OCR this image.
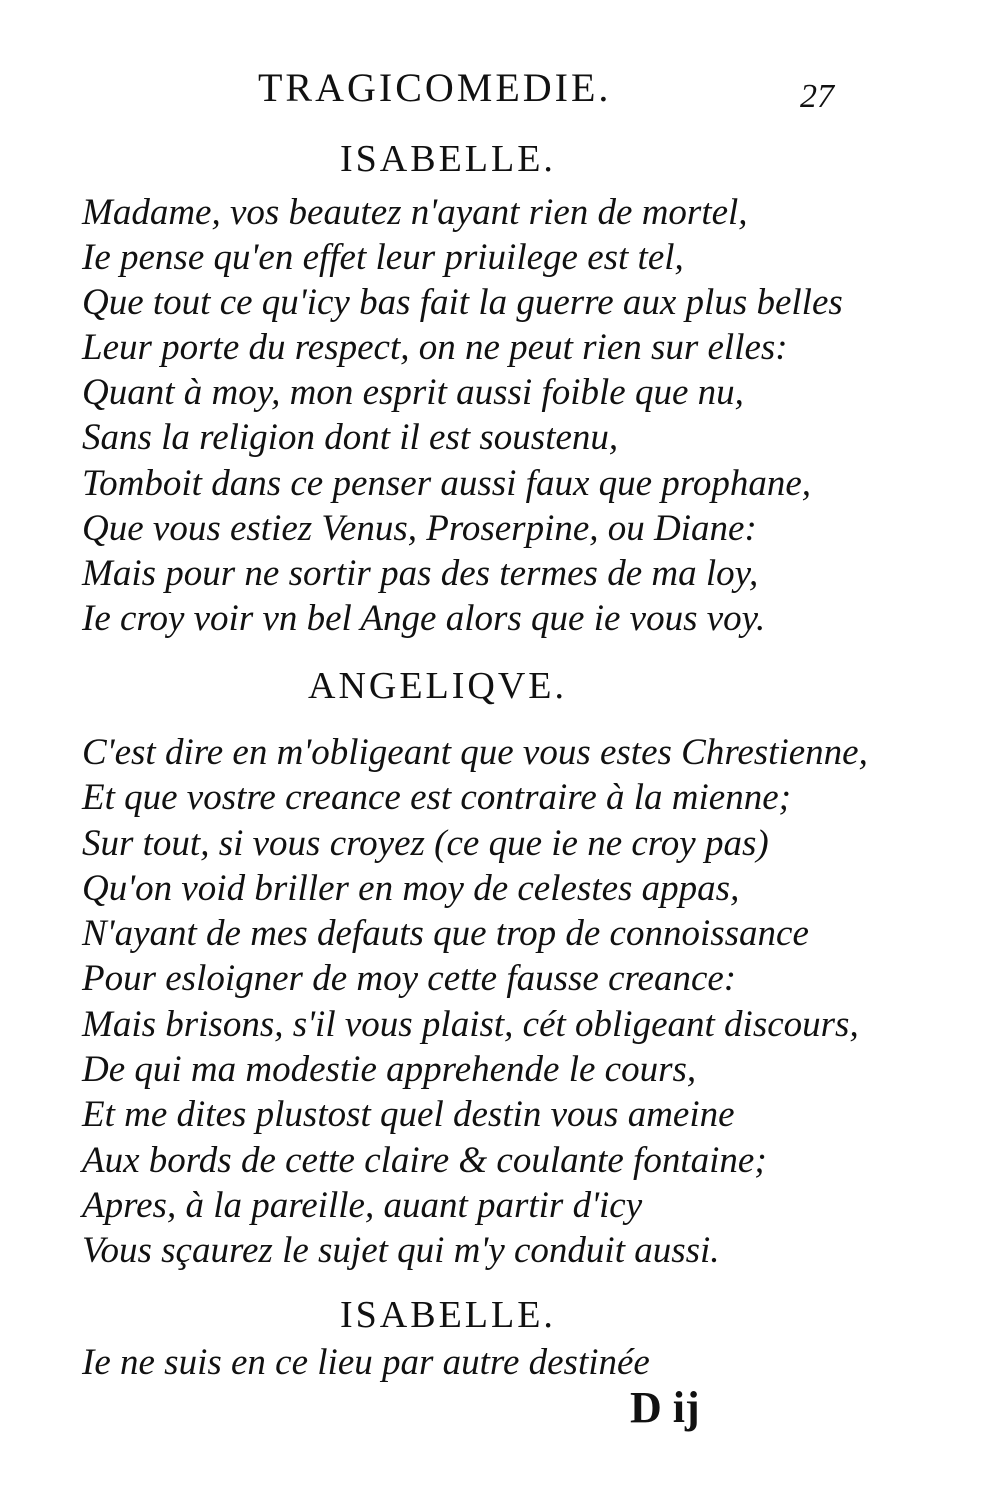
TRAGICOMEDIE.	27
ISABELLE.
Madame, vos beautez n'ayant rien de mortel,
Ie pense qu'en effet leur priuilege est tel,
Que tout ce qu'icy bas fait la guerre aux plus belles
Leur porte du respect, on ne peut rien sur elles:
Quant à moy, mon esprit aussi foible que nu,
Sans la religion dont il est soustenu,
Tomboit dans ce penser aussi faux que prophane,
Que vous estiez Venus, Proserpine, ou Diane:
Mais pour ne sortir pas des termes de ma loy,
Ie croy voir vn bel Ange alors que ie vous voy.
ANGELIQVE.
C'est dire en m'obligeant que vous estes Chrestienne,
Et que vostre creance est contraire à la mienne;
Sur tout, si vous croyez (ce que ie ne croy pas)
Qu'on void briller en moy de celestes appas,
N'ayant de mes defauts que trop de connoissance
Pour esloigner de moy cette fausse creance:
Mais brisons, s'il vous plaist, cét obligeant discours,
De qui ma modestie apprehende le cours,
Et me dites plustost quel destin vous ameine
Aux bords de cette claire & coulante fontaine;
Apres, à la pareille, auant partir d'icy
Vous sçaurez le sujet qui m'y conduit aussi.
ISABELLE.
Ie ne suis en ce lieu par autre destinée
D ij
